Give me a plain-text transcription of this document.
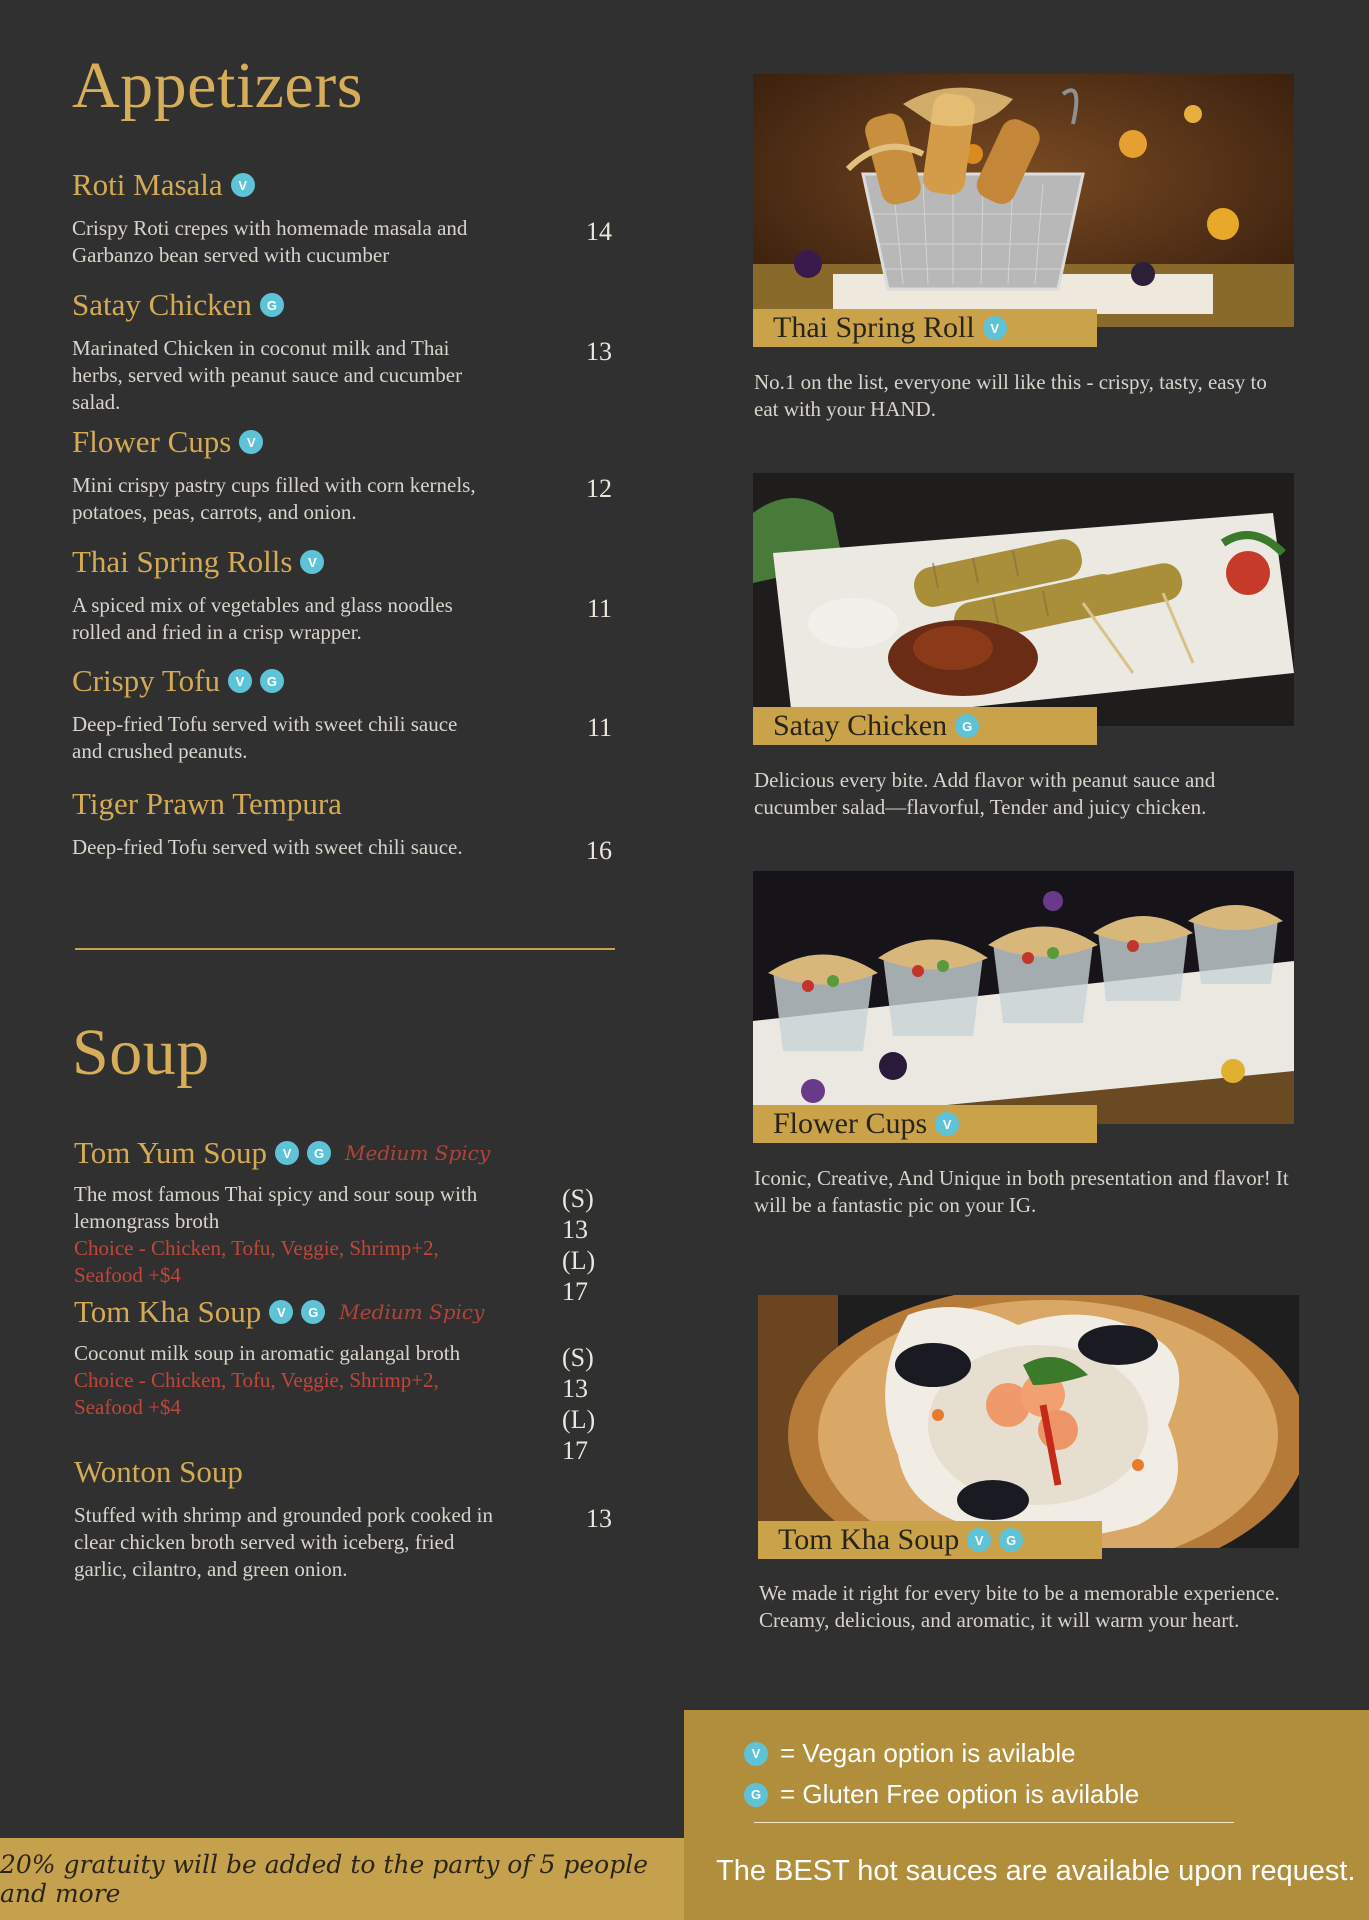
Appetizers
Roti Masala	V
Crispy Roti crepes with homemade masala and Garbanzo bean served with cucumber
14
Satay Chicken	G
Marinated Chicken in coconut milk and Thai herbs, served with peanut sauce and cucumber salad.
13
Flower Cups	V
Mini crispy pastry cups filled with corn kernels, potatoes, peas, carrots, and onion.
12
Thai Spring Rolls	V
A spiced mix of vegetables and glass noodles rolled and fried in a crisp wrapper.
11
Crispy Tofu	V	G
Deep-fried Tofu served with sweet chili sauce and crushed peanuts.
11
Tiger Prawn Tempura
Deep-fried Tofu served with sweet chili sauce.	16
Soup
Tom Yum Soup	V	G	Medium Spicy
The most famous Thai spicy and sour soup with lemongrass broth
Choice - Chicken, Tofu, Veggie, Shrimp+2, Seafood +$4
(S) 13
(L) 17
Tom Kha Soup	V	G	Medium Spicy
Coconut milk soup in aromatic galangal broth
Choice - Chicken, Tofu, Veggie, Shrimp+2, Seafood +$4
(S) 13
(L) 17
Wonton Soup
Stuffed with shrimp and grounded pork cooked in clear chicken broth served with iceberg, fried garlic, cilantro, and green onion.
13
Thai Spring Roll	V
No.1 on the list, everyone will like this - crispy, tasty, easy to eat with your HAND.
Satay Chicken	G
Delicious every bite. Add flavor with peanut sauce and cucumber salad—flavorful, Tender and juicy chicken.
Flower Cups	V
Iconic, Creative, And Unique in both presentation and flavor! It will be a fantastic pic on your IG.
Tom Kha Soup	V	G
We made it right for every bite to be a memorable experience. Creamy, delicious, and aromatic, it will warm your heart.
V = Vegan option is avilable
G = Gluten Free option is avilable
The BEST hot sauces are available upon request.
20% gratuity will be added to the party of 5 people and more
